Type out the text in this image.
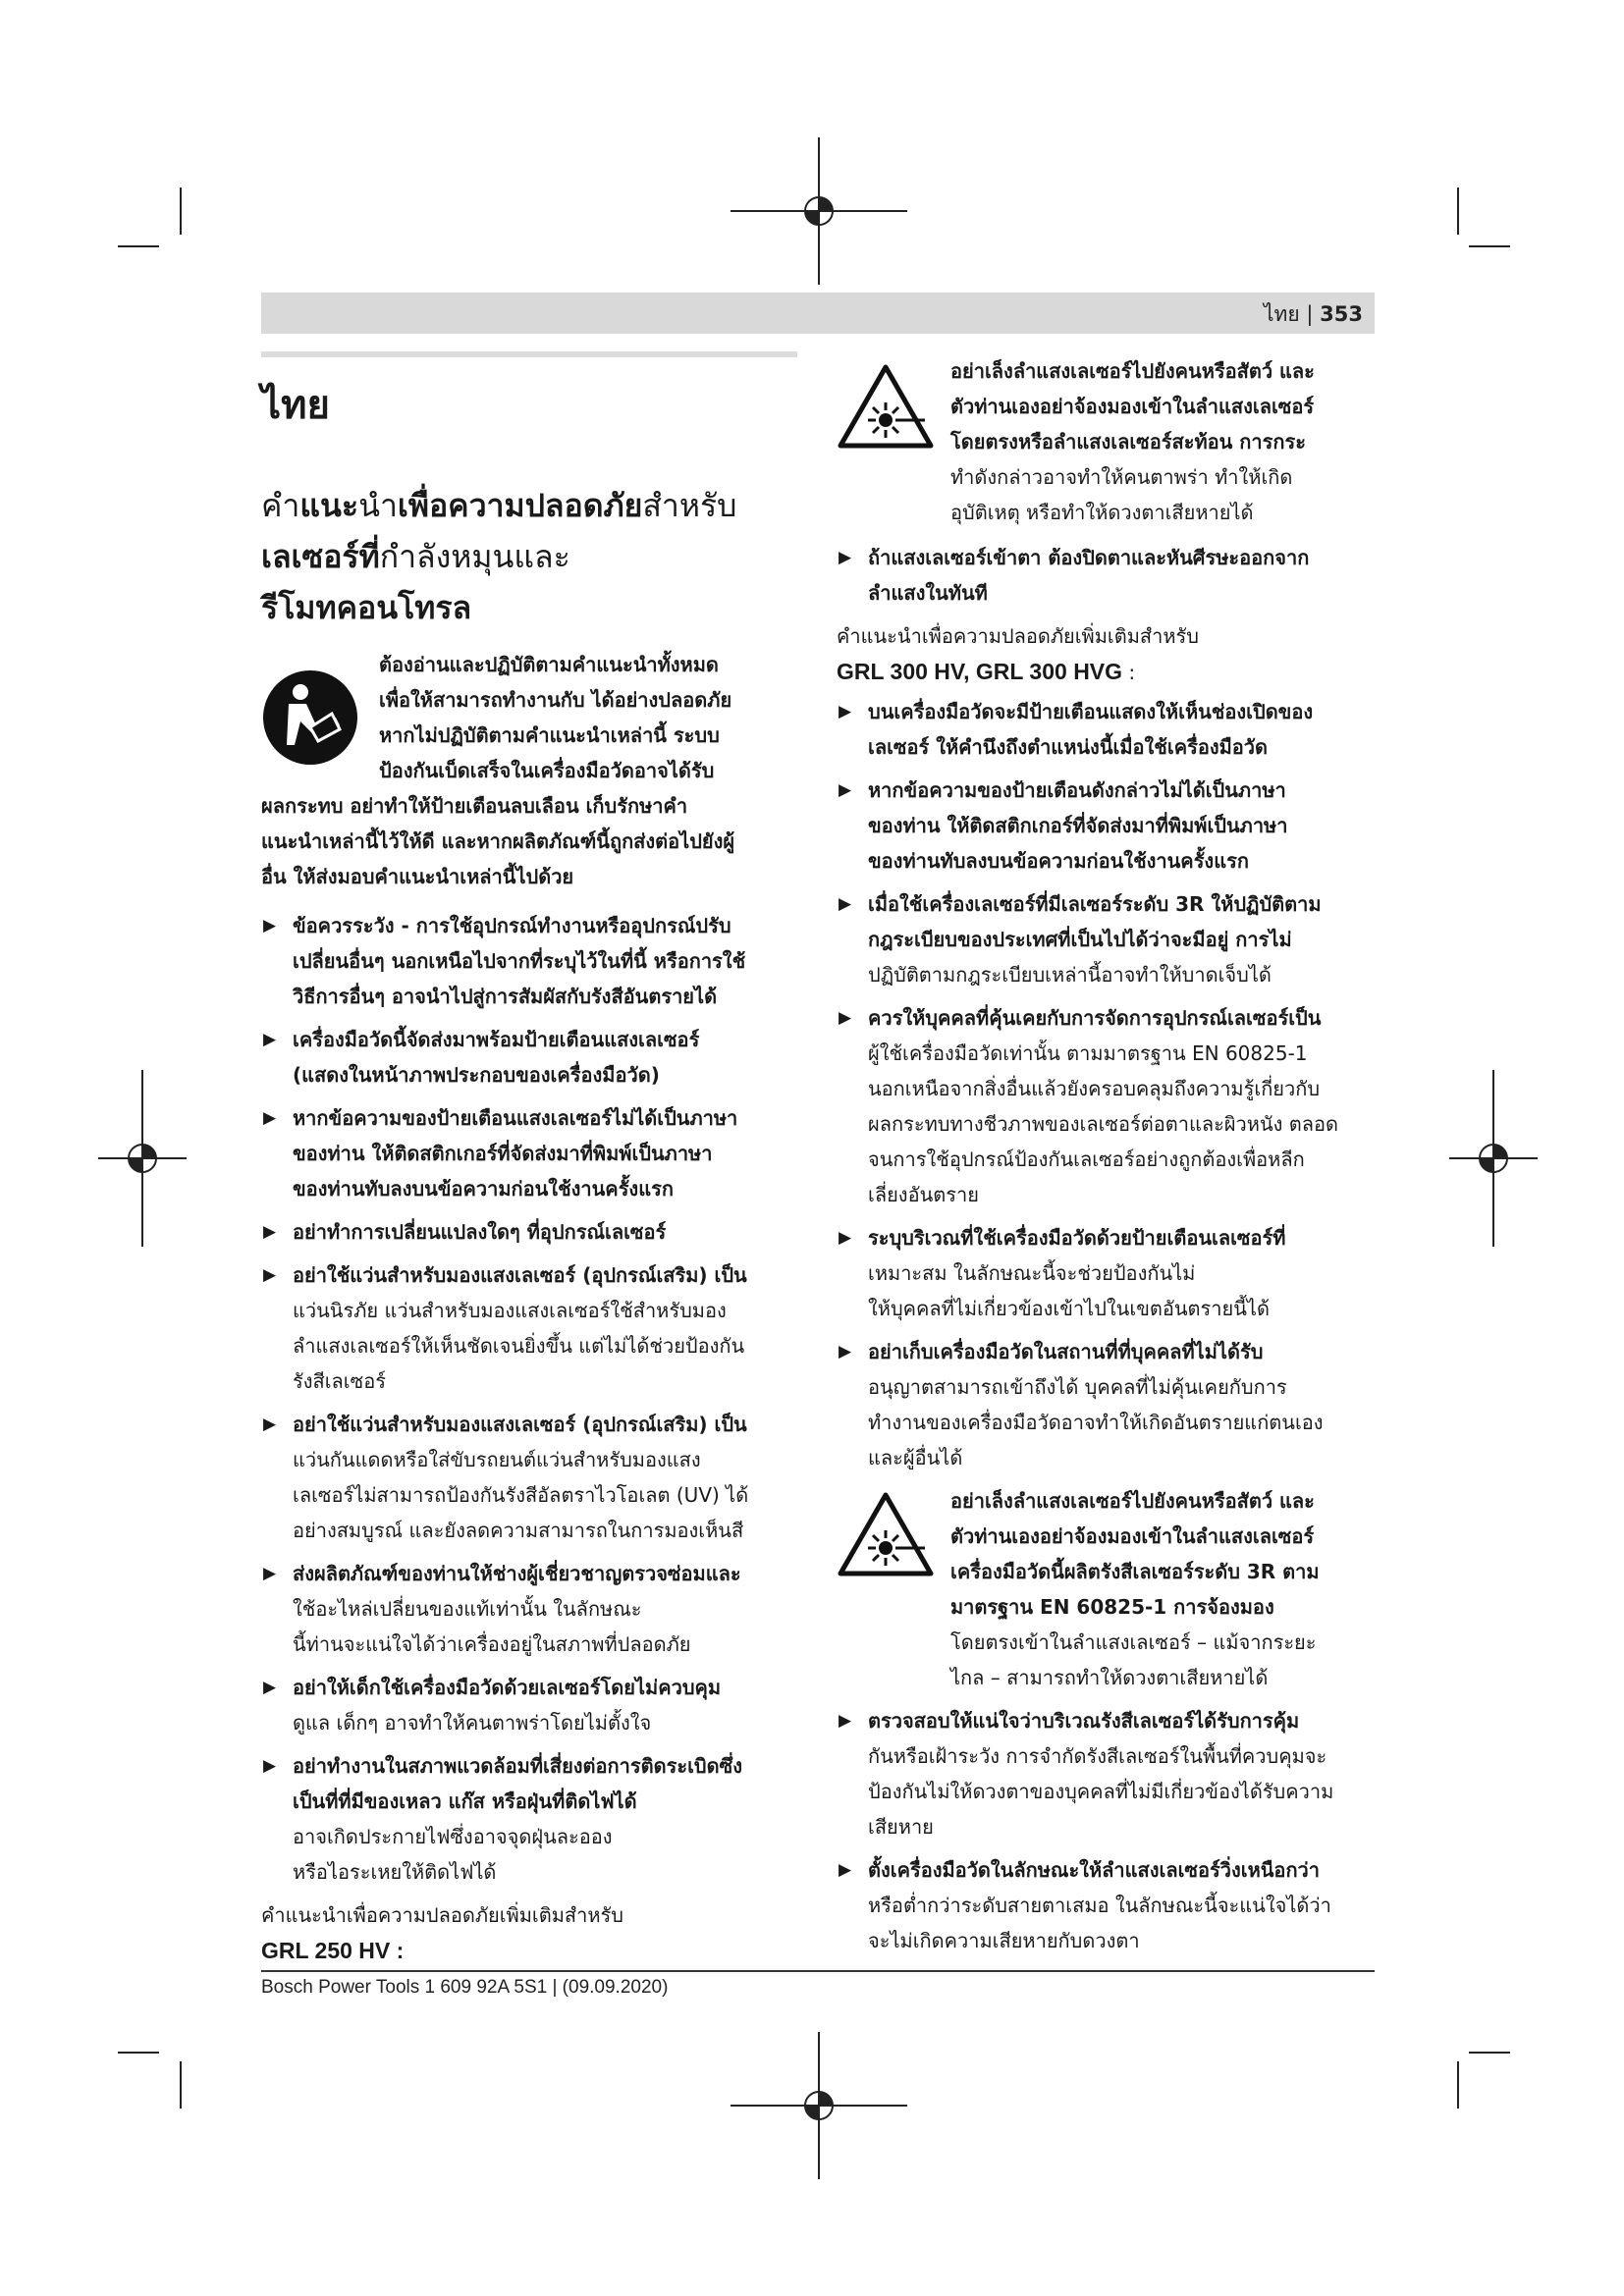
ไทย | 353
ไทย
คำแนะนำเพื่อความปลอดภัยสำหรับ
เลเซอร์ที่กำลังหมุนและ
รีโมทคอนโทรล

ต้องอ่านและปฏิบัติตามคำแนะนำทั้งหมด

เพื่อให้สามารถทำงานกับ ได้อย่างปลอดภัย

หากไม่ปฏิบัติตามคำแนะนำเหล่านี้ ระบบ

ป้องกันเบ็ดเสร็จในเครื่องมือวัดอาจได้รับ

ผลกระทบ อย่าทำให้ป้ายเตือนลบเลือน เก็บรักษาคำ

แนะนำเหล่านี้ไว้ให้ดี และหากผลิตภัณฑ์นี้ถูกส่งต่อไปยังผู้

อื่น ให้ส่งมอบคำแนะนำเหล่านี้ไปด้วย

▶ ข้อควรระวัง - การใช้อุปกรณ์ทำงานหรืออุปกรณ์ปรับ

เปลี่ยนอื่นๆ นอกเหนือไปจากที่ระบุไว้ในที่นี้ หรือการใช้

วิธีการอื่นๆ อาจนำไปสู่การสัมผัสกับรังสีอันตรายได้

▶ เครื่องมือวัดนี้จัดส่งมาพร้อมป้ายเตือนแสงเลเซอร์

(แสดงในหน้าภาพประกอบของเครื่องมือวัด)

▶ หากข้อความของป้ายเตือนแสงเลเซอร์ไม่ได้เป็นภาษา

ของท่าน ให้ติดสติกเกอร์ที่จัดส่งมาที่พิมพ์เป็นภาษา

ของท่านทับลงบนข้อความก่อนใช้งานครั้งแรก

▶ อย่าทำการเปลี่ยนแปลงใดๆ ที่อุปกรณ์เลเซอร์

▶ อย่าใช้แว่นสำหรับมองแสงเลเซอร์ (อุปกรณ์เสริม) เป็น

แว่นนิรภัย แว่นสำหรับมองแสงเลเซอร์ใช้สำหรับมอง

ลำแสงเลเซอร์ให้เห็นชัดเจนยิ่งขึ้น แต่ไม่ได้ช่วยป้องกัน

รังสีเลเซอร์

▶ อย่าใช้แว่นสำหรับมองแสงเลเซอร์ (อุปกรณ์เสริม) เป็น

แว่นกันแดดหรือใส่ขับรถยนต์แว่นสำหรับมองแสง

เลเซอร์ไม่สามารถป้องกันรังสีอัลตราไวโอเลต (UV) ได้

อย่างสมบูรณ์ และยังลดความสามารถในการมองเห็นสี

▶ ส่งผลิตภัณฑ์ของท่านให้ช่างผู้เชี่ยวชาญตรวจซ่อมและ

ใช้อะไหล่เปลี่ยนของแท้เท่านั้น ในลักษณะ

นี้ท่านจะแน่ใจได้ว่าเครื่องอยู่ในสภาพที่ปลอดภัย

▶ อย่าให้เด็กใช้เครื่องมือวัดด้วยเลเซอร์โดยไม่ควบคุม

ดูแล เด็กๆ อาจทำให้คนตาพร่าโดยไม่ตั้งใจ

▶ อย่าทำงานในสภาพแวดล้อมที่เสี่ยงต่อการติดระเบิดซึ่ง

เป็นที่ที่มีของเหลว แก๊ส หรือฝุ่นที่ติดไฟได้

อาจเกิดประกายไฟซึ่งอาจจุดฝุ่นละออง

หรือไอระเหยให้ติดไฟได้

คำแนะนำเพื่อความปลอดภัยเพิ่มเติมสำหรับ

GRL 250 HV :

อย่าเล็งลำแสงเลเซอร์ไปยังคนหรือสัตว์ และ

ตัวท่านเองอย่าจ้องมองเข้าในลำแสงเลเซอร์

โดยตรงหรือลำแสงเลเซอร์สะท้อน การกระ

ทำดังกล่าวอาจทำให้คนตาพร่า ทำให้เกิด

อุบัติเหตุ หรือทำให้ดวงตาเสียหายได้

▶ ถ้าแสงเลเซอร์เข้าตา ต้องปิดตาและหันศีรษะออกจาก

ลำแสงในทันที

คำแนะนำเพื่อความปลอดภัยเพิ่มเติมสำหรับ

GRL 300 HV, GRL 300 HVG :

▶ บนเครื่องมือวัดจะมีป้ายเตือนแสดงให้เห็นช่องเปิดของ

เลเซอร์ ให้คำนึงถึงตำแหน่งนี้เมื่อใช้เครื่องมือวัด

▶ หากข้อความของป้ายเตือนดังกล่าวไม่ได้เป็นภาษา

ของท่าน ให้ติดสติกเกอร์ที่จัดส่งมาที่พิมพ์เป็นภาษา

ของท่านทับลงบนข้อความก่อนใช้งานครั้งแรก

▶ เมื่อใช้เครื่องเลเซอร์ที่มีเลเซอร์ระดับ 3R ให้ปฏิบัติตาม

กฎระเบียบของประเทศที่เป็นไปได้ว่าจะมีอยู่ การไม่

ปฏิบัติตามกฎระเบียบเหล่านี้อาจทำให้บาดเจ็บได้

▶ ควรให้บุคคลที่คุ้นเคยกับการจัดการอุปกรณ์เลเซอร์เป็น

ผู้ใช้เครื่องมือวัดเท่านั้น ตามมาตรฐาน EN 60825-1

นอกเหนือจากสิ่งอื่นแล้วยังครอบคลุมถึงความรู้เกี่ยวกับ

ผลกระทบทางชีวภาพของเลเซอร์ต่อตาและผิวหนัง ตลอด

จนการใช้อุปกรณ์ป้องกันเลเซอร์อย่างถูกต้องเพื่อหลีก

เลี่ยงอันตราย

▶ ระบุบริเวณที่ใช้เครื่องมือวัดด้วยป้ายเตือนเลเซอร์ที่

เหมาะสม ในลักษณะนี้จะช่วยป้องกันไม่

ให้บุคคลที่ไม่เกี่ยวข้องเข้าไปในเขตอันตรายนี้ได้

▶ อย่าเก็บเครื่องมือวัดในสถานที่ที่บุคคลที่ไม่ได้รับ

อนุญาตสามารถเข้าถึงได้ บุคคลที่ไม่คุ้นเคยกับการ

ทำงานของเครื่องมือวัดอาจทำให้เกิดอันตรายแก่ตนเอง

และผู้อื่นได้

อย่าเล็งลำแสงเลเซอร์ไปยังคนหรือสัตว์ และ

ตัวท่านเองอย่าจ้องมองเข้าในลำแสงเลเซอร์

เครื่องมือวัดนี้ผลิตรังสีเลเซอร์ระดับ 3R ตาม

มาตรฐาน EN 60825-1 การจ้องมอง

โดยตรงเข้าในลำแสงเลเซอร์ – แม้จากระยะ

ไกล – สามารถทำให้ดวงตาเสียหายได้

▶ ตรวจสอบให้แน่ใจว่าบริเวณรังสีเลเซอร์ได้รับการคุ้ม

กันหรือเฝ้าระวัง การจำกัดรังสีเลเซอร์ในพื้นที่ควบคุมจะ

ป้องกันไม่ให้ดวงตาของบุคคลที่ไม่มีเกี่ยวข้องได้รับความ

เสียหาย

▶ ตั้งเครื่องมือวัดในลักษณะให้ลำแสงเลเซอร์วิ่งเหนือกว่า

หรือต่ำกว่าระดับสายตาเสมอ ในลักษณะนี้จะแน่ใจได้ว่า

จะไม่เกิดความเสียหายกับดวงตา

Bosch Power Tools 1 609 92A 5S1 | (09.09.2020)
